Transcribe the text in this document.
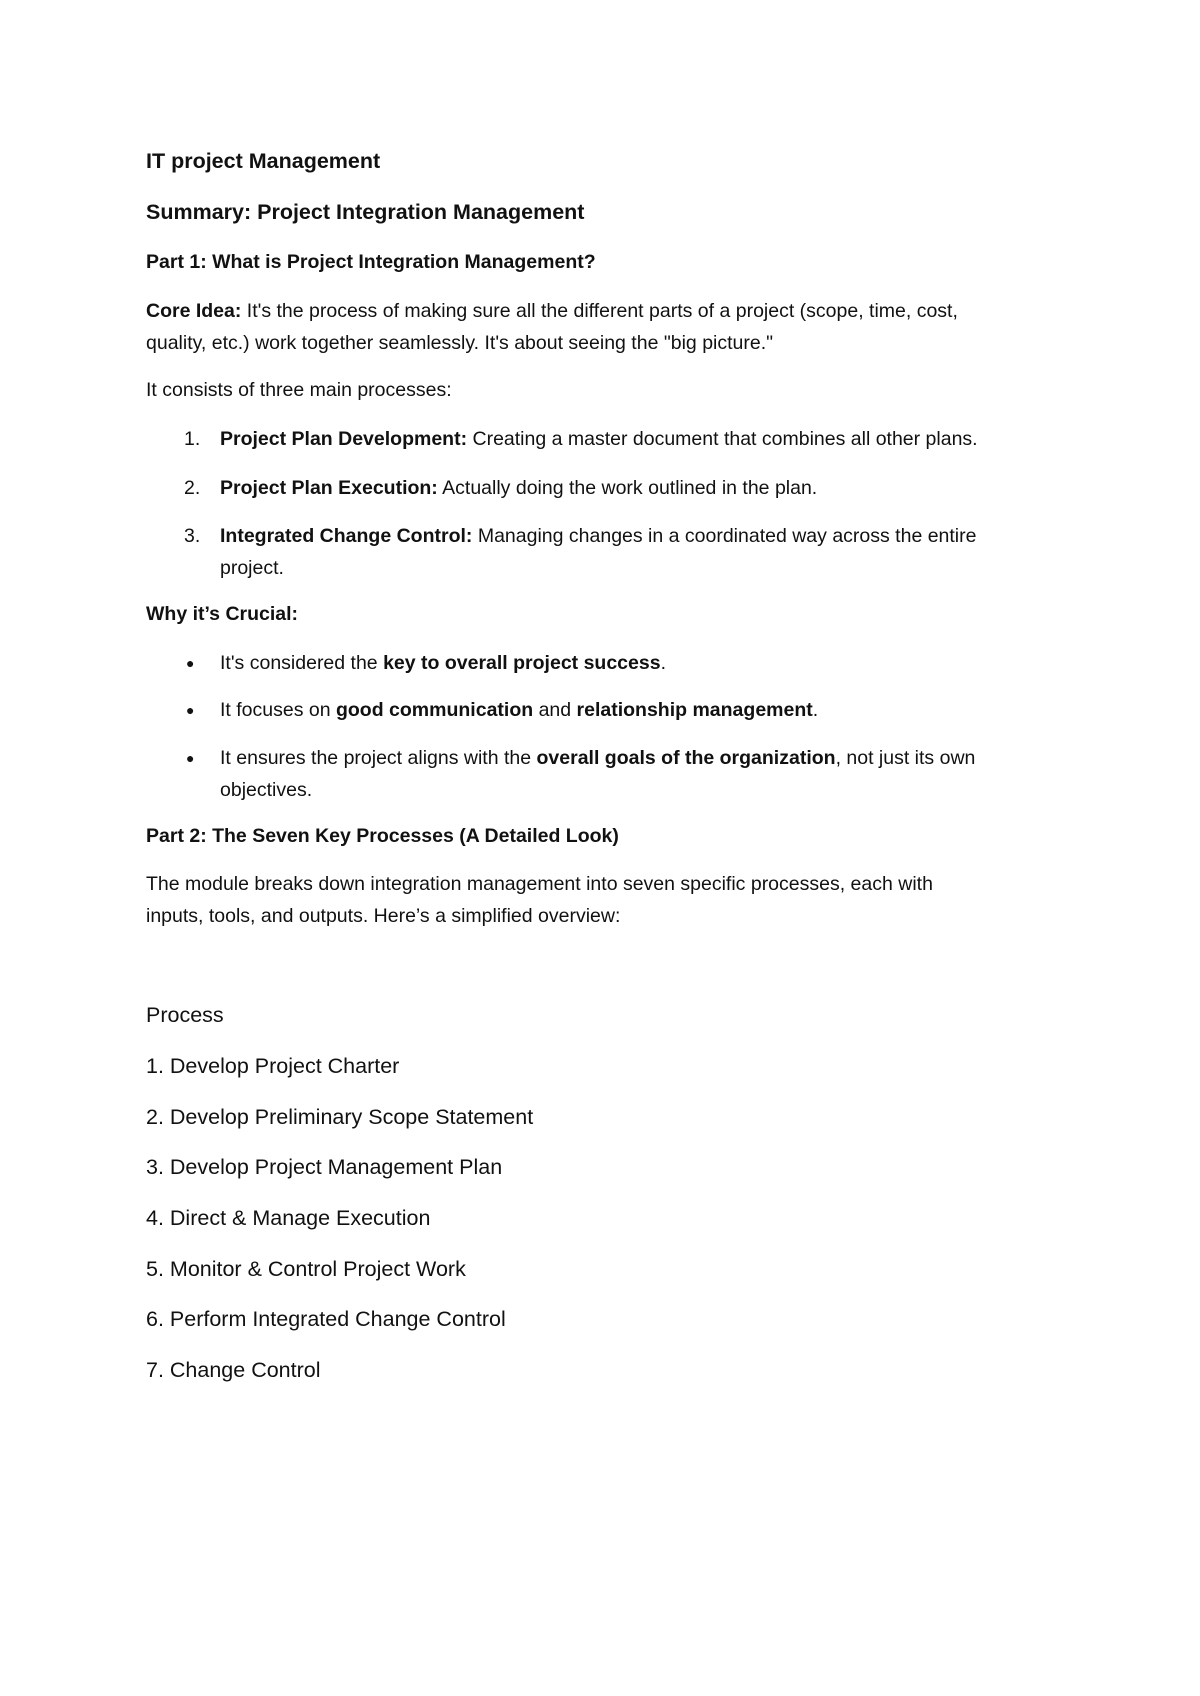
IT project Management
Summary: Project Integration Management
Part 1: What is Project Integration Management?
Core Idea: It's the process of making sure all the different parts of a project (scope, time, cost,
quality, etc.) work together seamlessly. It's about seeing the "big picture."
It consists of three main processes:
1.	Project Plan Development: Creating a master document that combines all other plans.
2.	Project Plan Execution: Actually doing the work outlined in the plan.
3.	Integrated Change Control: Managing changes in a coordinated way across the entire
project.
Why it’s Crucial:
● It's considered the key to overall project success.
● It focuses on good communication and relationship management.
● It ensures the project aligns with the overall goals of the organization, not just its own
objectives.
Part 2: The Seven Key Processes (A Detailed Look)
The module breaks down integration management into seven specific processes, each with
inputs, tools, and outputs. Here’s a simplified overview:
Process
1. Develop Project Charter
2. Develop Preliminary Scope Statement
3. Develop Project Management Plan
4. Direct & Manage Execution
5. Monitor & Control Project Work
6. Perform Integrated Change Control
7. Change Control
